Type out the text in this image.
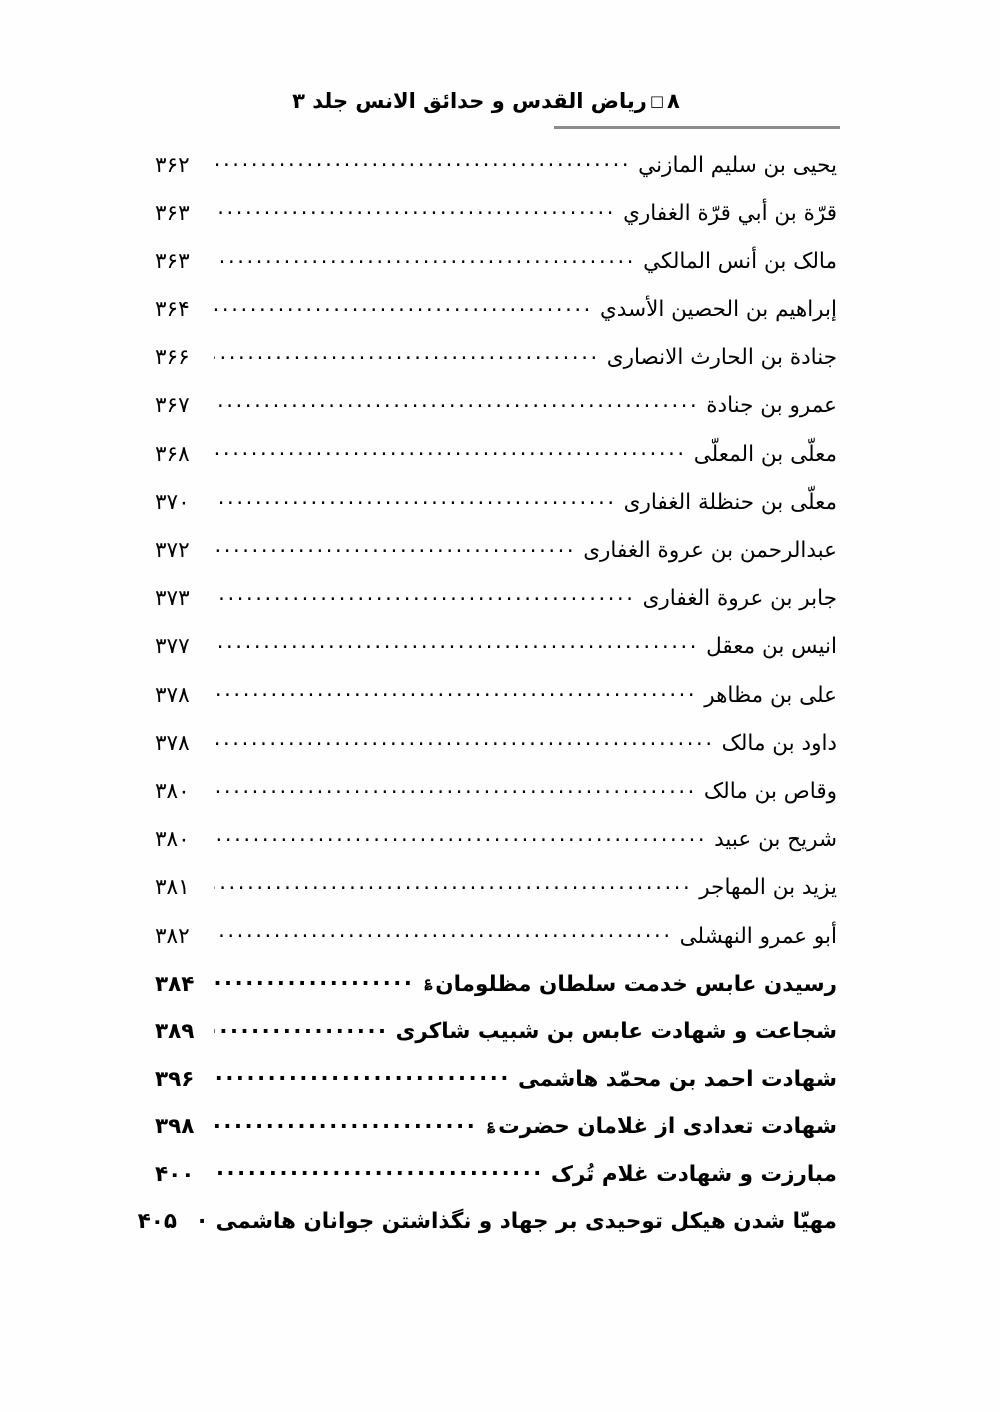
۸□ریاض القدس و حدائق الانس جلد ۳
یحیی بن سلیم المازني
.....
۳۶۲
قرّة بن أبي قرّة الغفاري
.....
۳۶۳
مالک بن أنس المالکي
.....
۳۶۳
إبراهیم بن الحصین الأسدي
.....
۳۶۴
جنادة بن الحارث الانصاری
.....
۳۶۶
عمرو بن جنادة
.....
۳۶۷
معلّی بن المعلّی
.....
۳۶۸
معلّی بن حنظلة الغفاری
.....
۳۷۰
عبدالرحمن بن عروة الغفاری
.....
۳۷۲
جابر بن عروة الغفاری
.....
۳۷۳
انیس بن معقل
.....
۳۷۷
علی بن مظاهر
.....
۳۷۸
داود بن مالک
.....
۳۷۸
وقاص بن مالک
.....
۳۸۰
شریح بن عبید
.....
۳۸۰
یزید بن المهاجر
.....
۳۸۱
أبو عمرو النهشلی
.....
۳۸۲
رسیدن عابس خدمت سلطان مظلومان؏
.....
۳۸۴
شجاعت و شهادت عابس بن شبیب شاکری
.....
۳۸۹
شهادت احمد بن محمّد هاشمی
.....
۳۹۶
شهادت تعدادی از غلامان حضرت؏
.....
۳۹۸
مبارزت و شهادت غلام تُرک
.....
۴۰۰
مهیّا شدن هیکل توحیدی بر جهاد و نگذاشتن جوانان هاشمی
.....
۴۰۵
